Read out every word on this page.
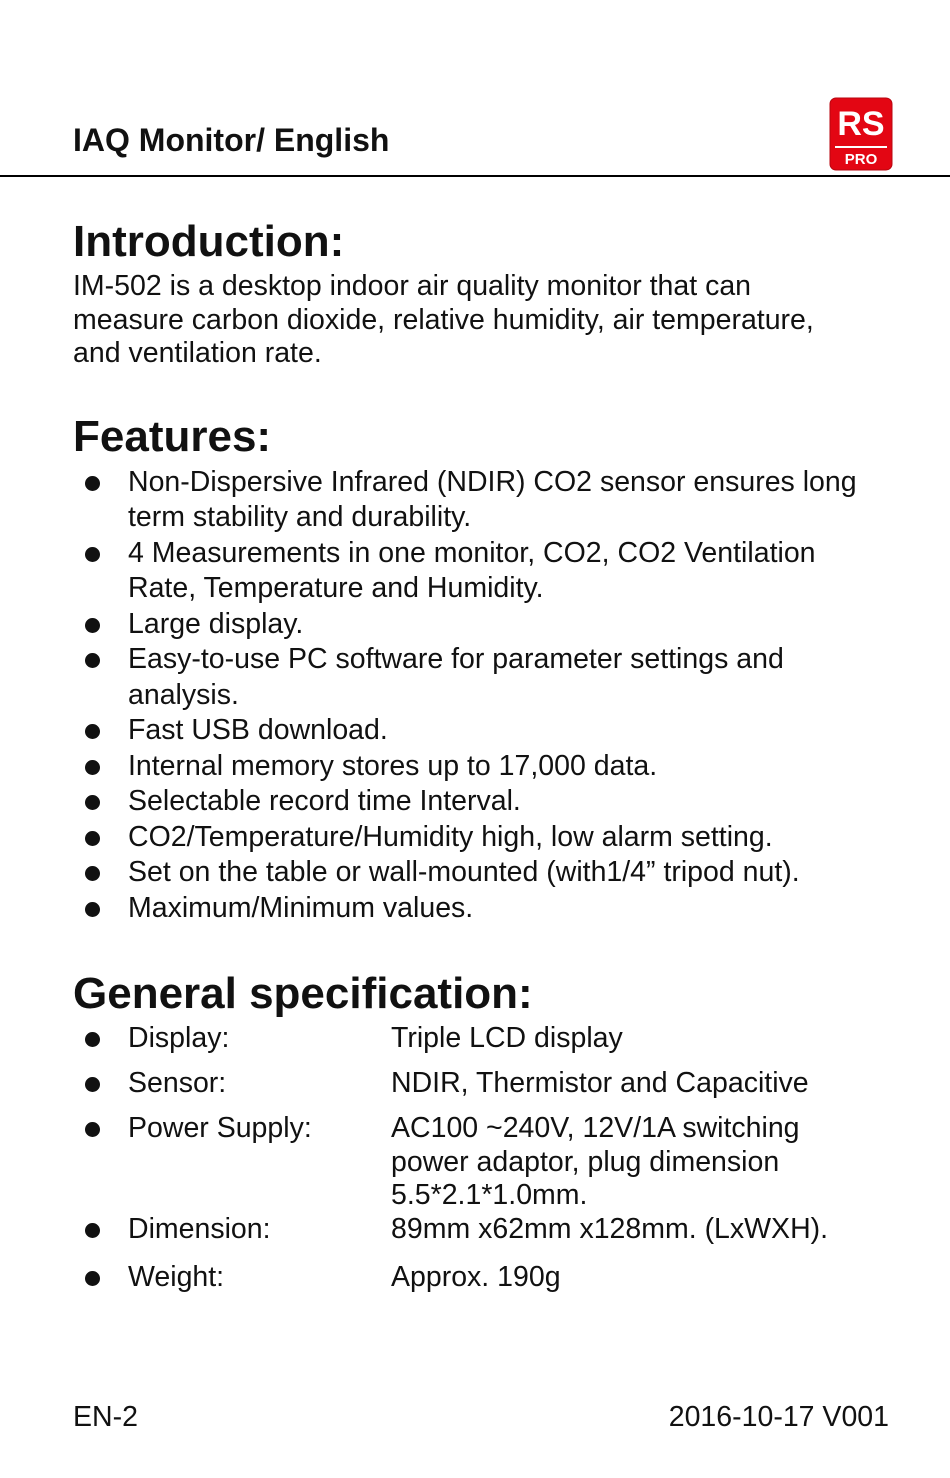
IAQ Monitor/ English	RS
PRO
Introduction:

IM-502 is a desktop indoor air quality monitor that can
measure carbon dioxide, relative humidity, air temperature,
and ventilation rate.

Features:
Non-Dispersive Infrared (NDIR) CO2 sensor ensures long
term stability and durability.
4 Measurements in one monitor, CO2, CO2 Ventilation
Rate, Temperature and Humidity.
Large display.
Easy-to-use PC software for parameter settings and
analysis.
Fast USB download.
Internal memory stores up to 17,000 data.
Selectable record time Interval.
CO2/Temperature/Humidity high, low alarm setting.
Set on the table or wall-mounted (with1/4” tripod nut).
Maximum/Minimum values.
General specification:
Display:	Triple LCD display
Sensor:	NDIR, Thermistor and Capacitive
Power Supply:	AC100 ~240V, 12V/1A switching
power adaptor, plug dimension
5.5*2.1*1.0mm.
Dimension:	89mm x62mm x128mm. (LxWXH).
Weight:	Approx. 190g
EN-2	2016-10-17 V001
